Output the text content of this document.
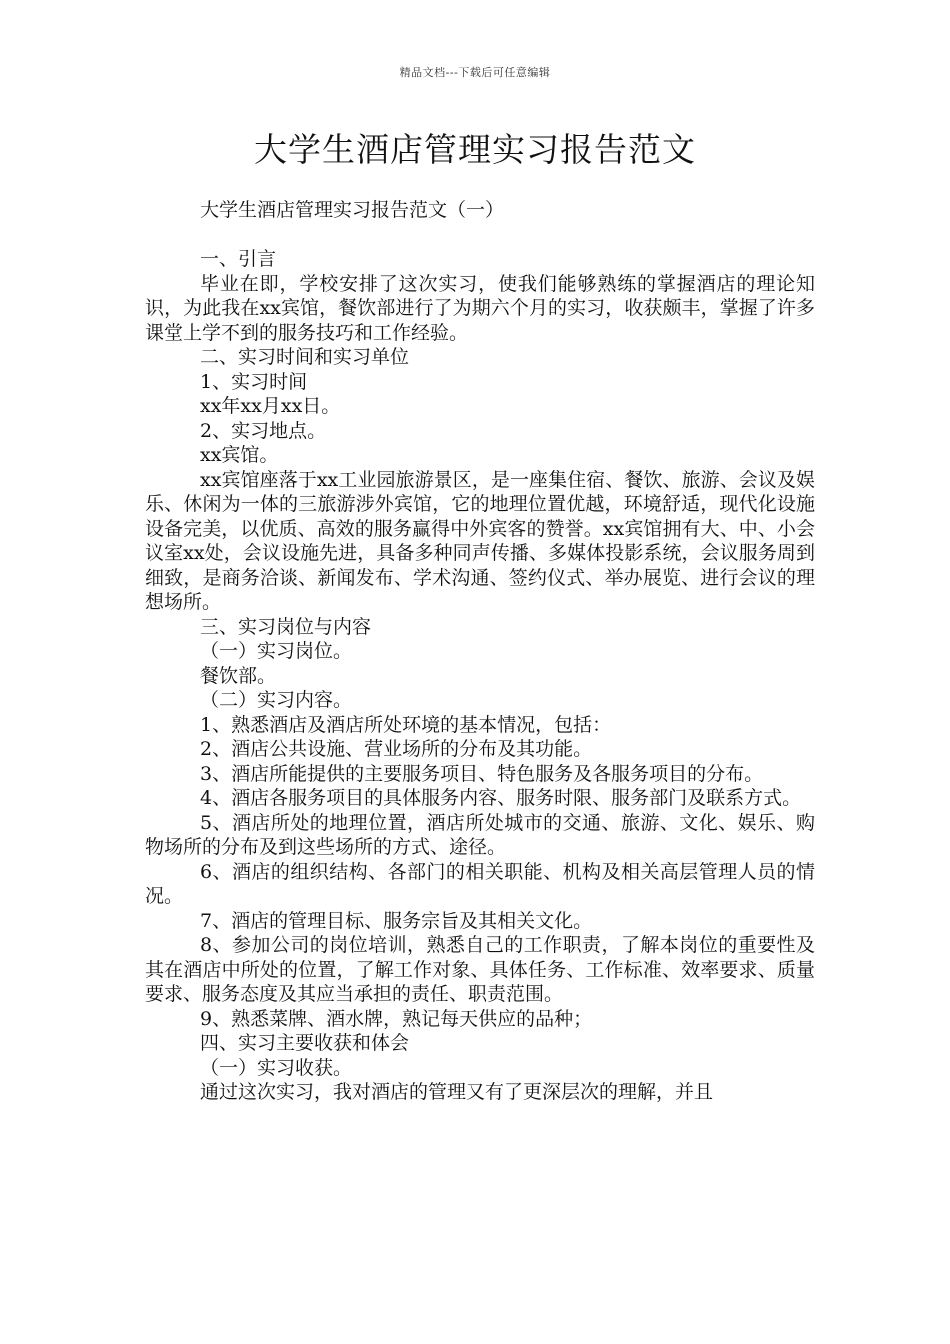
精品文档---下载后可任意编辑
大学生酒店管理实习报告范文

大学生酒店管理实习报告范文（一）

一、引言

毕业在即，学校安排了这次实习，使我们能够熟练的掌握酒店的理论知识，为此我在xx宾馆，餐饮部进行了为期六个月的实习，收获颇丰，掌握了许多课堂上学不到的服务技巧和工作经验。

二、实习时间和实习单位

1、实习时间

xx年xx月xx日。

2、实习地点。

xx宾馆。

xx宾馆座落于xx工业园旅游景区，是一座集住宿、餐饮、旅游、会议及娱乐、休闲为一体的三旅游涉外宾馆，它的地理位置优越，环境舒适，现代化设施设备完美，以优质、高效的服务赢得中外宾客的赞誉。xx宾馆拥有大、中、小会议室xx处，会议设施先进，具备多种同声传播、多媒体投影系统，会议服务周到细致，是商务洽谈、新闻发布、学术沟通、签约仪式、举办展览、进行会议的理想场所。

三、实习岗位与内容

（一）实习岗位。

餐饮部。

（二）实习内容。

1、熟悉酒店及酒店所处环境的基本情况，包括：

2、酒店公共设施、营业场所的分布及其功能。

3、酒店所能提供的主要服务项目、特色服务及各服务项目的分布。

4、酒店各服务项目的具体服务内容、服务时限、服务部门及联系方式。

5、酒店所处的地理位置，酒店所处城市的交通、旅游、文化、娱乐、购物场所的分布及到这些场所的方式、途径。

6、酒店的组织结构、各部门的相关职能、机构及相关高层管理人员的情况。

7、酒店的管理目标、服务宗旨及其相关文化。

8、参加公司的岗位培训，熟悉自己的工作职责，了解本岗位的重要性及其在酒店中所处的位置，了解工作对象、具体任务、工作标准、效率要求、质量要求、服务态度及其应当承担的责任、职责范围。

9、熟悉菜牌、酒水牌，熟记每天供应的品种；

四、实习主要收获和体会

（一）实习收获。

通过这次实习，我对酒店的管理又有了更深层次的理解，并且
